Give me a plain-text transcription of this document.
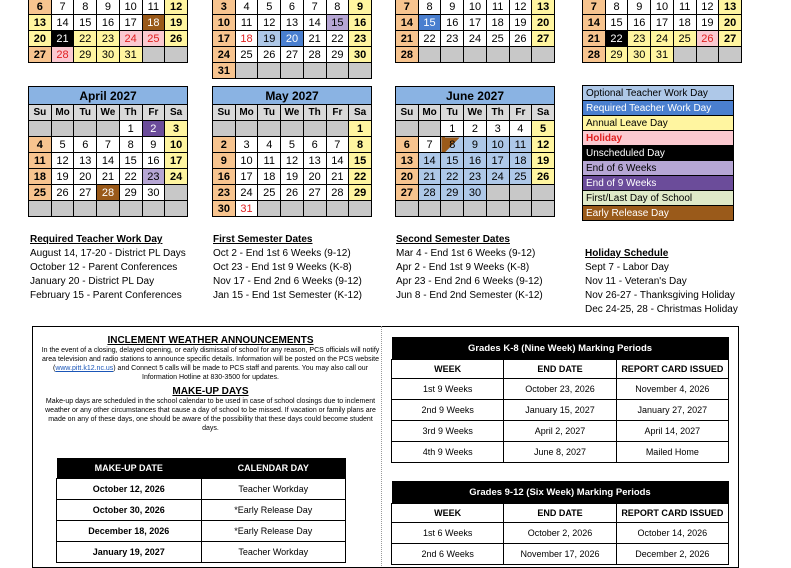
6	7	8	9	10	11	12
13	14	15	16	17	18	19
20	21	22	23	24	25	26
27	28	29	30	31		
3	4	5	6	7	8	9
10	11	12	13	14	15	16
17	18	19	20	21	22	23
24	25	26	27	28	29	30
31						
7	8	9	10	11	12	13
14	15	16	17	18	19	20
21	22	23	24	25	26	27
28						
7	8	9	10	11	12	13
14	15	16	17	18	19	20
21	22	23	24	25	26	27
28	29	30	31			
April 2027						
Su	Mo	Tu	We	Th	Fr	Sa
				1	2	3
4	5	6	7	8	9	10
11	12	13	14	15	16	17
18	19	20	21	22	23	24
25	26	27	28	29	30	

May 2027						
Su	Mo	Tu	We	Th	Fr	Sa
						1
2	3	4	5	6	7	8
9	10	11	12	13	14	15
16	17	18	19	20	21	22
23	24	25	26	27	28	29
30	31					
June 2027						
Su	Mo	Tu	We	Th	Fr	Sa
		1	2	3	4	5
6	7	8	9	10	11	12
13	14	15	16	17	18	19
20	21	22	23	24	25	26
27	28	29	30			

Optional Teacher Work Day
Required Teacher Work Day
Annual Leave Day
Holiday
Unscheduled Day
End of 6 Weeks
End of 9 Weeks
First/Last Day of School
Early Release Day
Required Teacher Work Day
August 14, 17-20 - District PL Days
October 12 - Parent Conferences
January 20 - District PL Day
February 15 - Parent Conferences
First Semester Dates
Oct 2 - End 1st 6 Weeks (9-12)
Oct 23 - End 1st 9 Weeks (K-8)
Nov 17 - End 2nd 6 Weeks (9-12)
Jan 15 - End 1st Semester (K-12)
Second Semester Dates
Mar 4 - End 1st 6 Weeks (9-12)
Apr 2 - End 1st 9 Weeks (K-8)
Apr 23 - End 2nd 6 Weeks (9-12)
Jun 8 - End 2nd Semester (K-12)
Holiday Schedule
Sept 7 - Labor Day
Nov 11 - Veteran's Day
Nov 26-27 - Thanksgiving Holiday
Dec 24-25, 28 - Christmas Holiday
INCLEMENT WEATHER ANNOUNCEMENTS
In the event of a closing, delayed opening, or early dismissal of school for any reason, PCS officials will notify area television and radio stations to announce specific details. Information will be posted on the PCS website (www.pitt.k12.nc.us) and Connect 5 calls will be made to PCS staff and parents. You may also call our Information Hotline at 830-3500 for updates.
MAKE-UP DAYS
Make-up days are scheduled in the school calendar to be used in case of school closings due to inclement weather or any other circumstances that cause a day of school to be missed. If vacation or family plans are made on any of these days, one should be aware of the possibility that these days could become student days.
MAKE-UP DATE	CALENDAR DAY
October 12, 2026	Teacher Workday
October 30, 2026	*Early Release Day
December 18, 2026	*Early Release Day
January 19, 2027	Teacher Workday
Grades K-8 (Nine Week) Marking Periods		
WEEK	END DATE	REPORT CARD ISSUED
1st 9 Weeks	October 23, 2026	November 4, 2026
2nd 9 Weeks	January 15, 2027	January 27, 2027
3rd 9 Weeks	April 2, 2027	April 14, 2027
4th 9 Weeks	June 8, 2027	Mailed Home
Grades 9-12 (Six Week) Marking Periods		
WEEK	END DATE	REPORT CARD ISSUED
1st 6 Weeks	October 2, 2026	October 14, 2026
2nd 6 Weeks	November 17, 2026	December 2, 2026
